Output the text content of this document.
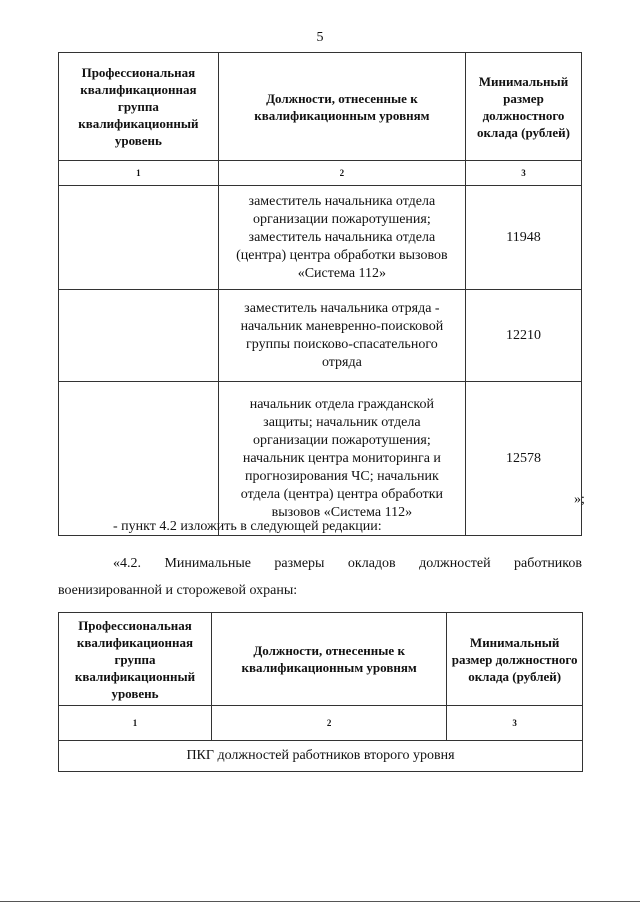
5
Профессиональная квалификационная группа квалификационный уровень	Должности, отнесенные к квалификационным уровням	Минимальный размер должностного оклада (рублей)
1	2	3
	заместитель начальника отдела организации пожаротушения; заместитель начальника отдела (центра) центра обработки вызовов «Система 112»	11948
	заместитель начальника отряда - начальник маневренно-поисковой группы поисково-спасательного отряда	12210
	начальник отдела гражданской защиты; начальник отдела организации пожаротушения; начальник центра мониторинга и прогнозирования ЧС; начальник отдела (центра) центра обработки вызовов «Система 112»	12578
»;
- пункт 4.2 изложить в следующей редакции:
«4.2. Минимальные размеры окладов должностей работников военизированной и сторожевой охраны:
Профессиональная квалификационная группа квалификационный уровень	Должности, отнесенные к квалификационным уровням	Минимальный размер должностного оклада (рублей)
1	2	3
ПКГ должностей работников второго уровня		
